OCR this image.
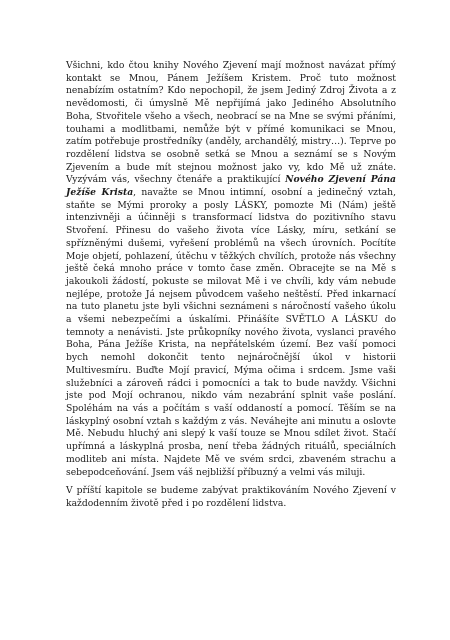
Všichni, kdo čtou knihy Nového Zjevení mají možnost navázat přímý kontakt se Mnou, Pánem Ježíšem Kristem. Proč tuto možnost nenabízím ostatním? Kdo nepochopil, že jsem Jediný Zdroj Života a z nevědomosti, či úmyslně Mě nepřijímá jako Jediného Absolutního Boha, Stvořitele všeho a všech, neobrací se na Mne se svými přáními, touhami a modlitbami, nemůže být v přímé komunikaci se Mnou, zatím potřebuje prostředníky (anděly, archandělý, mistry…). Teprve po rozdělení lidstva se osobně setká se Mnou a seznámí se s Novým Zjevením a bude mít stejnou možnost jako vy, kdo Mě už znáte. Vyzývám vás, všechny čtenáře a praktikující Nového Zjevení Pána Ježíše Krista, navažte se Mnou intimní, osobní a jedinečný vztah, staňte se Mými proroky a posly LÁSKY, pomozte Mi (Nám) ještě intenzivněji a účinněji s transformací lidstva do pozitivního stavu Stvoření. Přinesu do vašeho života více Lásky, míru, setkání se spřízněnými dušemi, vyřešení problémů na všech úrovních. Pocítíte Moje objetí, pohlazení, útěchu v těžkých chvílích, protože nás všechny ještě čeká mnoho práce v tomto čase změn. Obracejte se na Mě s jakoukoli žádostí, pokuste se milovat Mě i ve chvíli, kdy vám nebude nejlépe, protože Já nejsem původcem vašeho neštěstí. Před inkarnací na tuto planetu jste byli všichni seznámeni s náročností vašeho úkolu a všemi nebezpečími a úskalími. Přinášíte SVĚTLO A LÁSKU do temnoty a nenávisti. Jste průkopníky nového života, vyslanci pravého Boha, Pána Ježíše Krista, na nepřátelském území. Bez vaší pomoci bych nemohl dokončit tento nejnáročnější úkol v historii Multivesmíru. Buďte Mojí pravicí, Mýma očima i srdcem. Jsme vaši služebníci a zároveň rádci i pomocníci a tak to bude navždy. Všichni jste pod Mojí ochranou, nikdo vám nezabrání splnit vaše poslání. Spoléhám na vás a počítám s vaší oddaností a pomocí. Těším se na láskyplný osobní vztah s každým z vás. Neváhejte ani minutu a oslovte Mě. Nebudu hluchý ani slepý k vaší touze se Mnou sdílet život. Stačí upřímná a láskyplná prosba, není třeba žádných rituálů, speciálních modliteb ani místa. Najdete Mě ve svém srdci, zbaveném strachu a sebepodceňování. Jsem váš nejbližší příbuzný a velmi vás miluji.

V příští kapitole se budeme zabývat praktikováním Nového Zjevení v každodenním životě před i po rozdělení lidstva.
